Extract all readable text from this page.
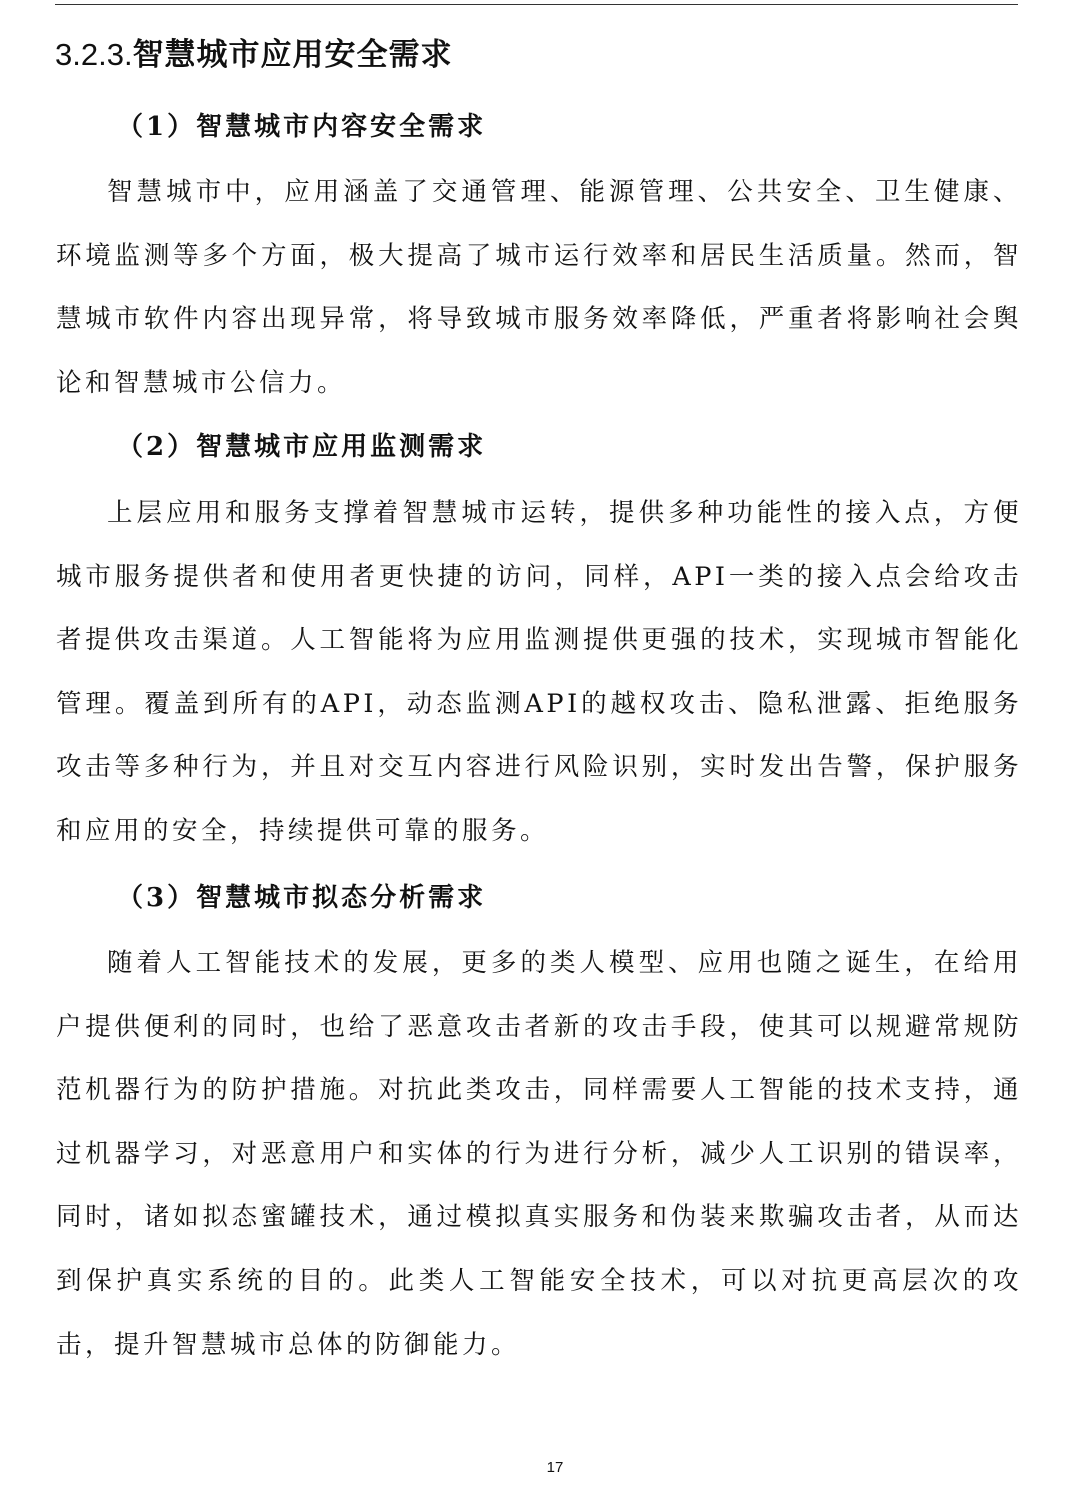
3.2.3.智慧城市应用安全需求
（1）智慧城市内容安全需求

智慧城市中，应用涵盖了交通管理、能源管理、公共安全、卫生健康、环境监测等多个方面，极大提高了城市运行效率和居民生活质量。然而，智慧城市软件内容出现异常，将导致城市服务效率降低，严重者将影响社会舆论和智慧城市公信力。

（2）智慧城市应用监测需求

上层应用和服务支撑着智慧城市运转，提供多种功能性的接入点，方便城市服务提供者和使用者更快捷的访问，同样，API一类的接入点会给攻击者提供攻击渠道。人工智能将为应用监测提供更强的技术，实现城市智能化管理。覆盖到所有的API，动态监测API的越权攻击、隐私泄露、拒绝服务攻击等多种行为，并且对交互内容进行风险识别，实时发出告警，保护服务和应用的安全，持续提供可靠的服务。

（3）智慧城市拟态分析需求

随着人工智能技术的发展，更多的类人模型、应用也随之诞生，在给用户提供便利的同时，也给了恶意攻击者新的攻击手段，使其可以规避常规防范机器行为的防护措施。对抗此类攻击，同样需要人工智能的技术支持，通过机器学习，对恶意用户和实体的行为进行分析，减少人工识别的错误率，同时，诸如拟态蜜罐技术，通过模拟真实服务和伪装来欺骗攻击者，从而达到保护真实系统的目的。此类人工智能安全技术，可以对抗更高层次的攻击，提升智慧城市总体的防御能力。

17
